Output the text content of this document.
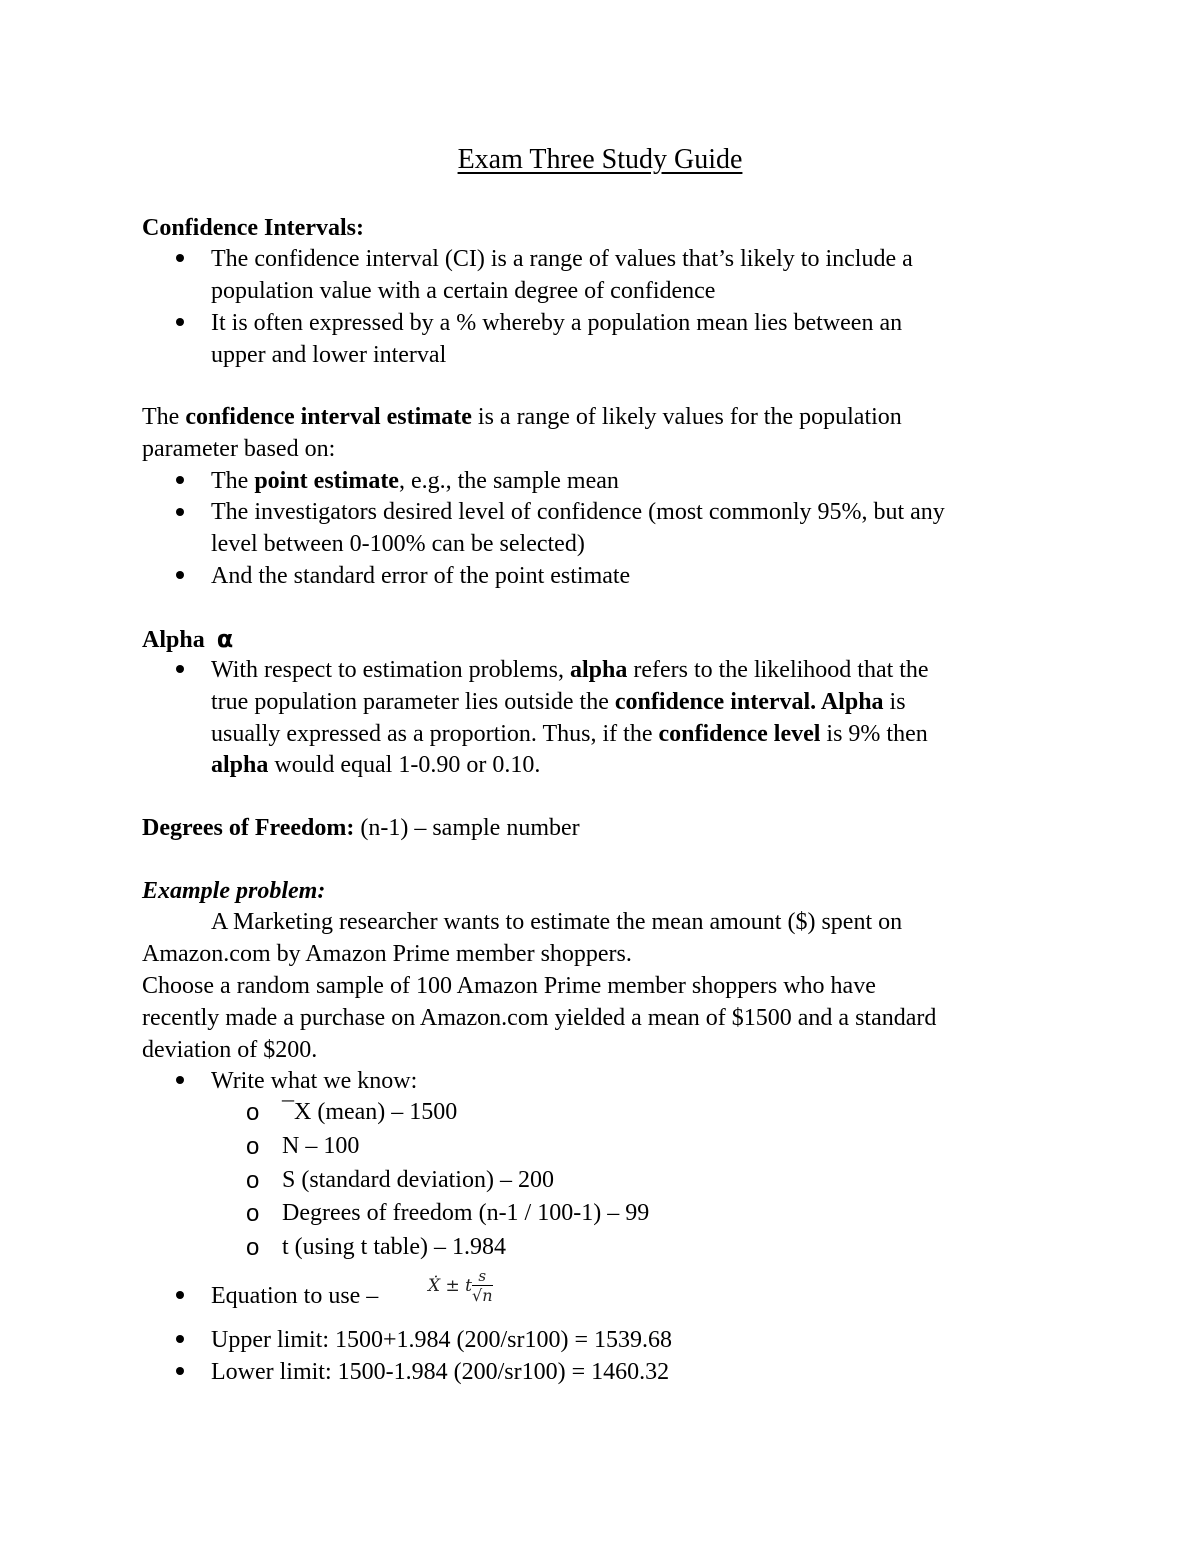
Exam Three Study Guide
Confidence Intervals:
The confidence interval (CI) is a range of values that’s likely to include a
population value with a certain degree of confidence
It is often expressed by a % whereby a population mean lies between an
upper and lower interval
The confidence interval estimate is a range of likely values for the population
parameter based on:
The point estimate, e.g., the sample mean
The investigators desired level of confidence (most commonly 95%, but any
level between 0-100% can be selected)
And the standard error of the point estimate
Alpha α
With respect to estimation problems, alpha refers to the likelihood that the
true population parameter lies outside the confidence interval. Alpha is
usually expressed as a proportion. Thus, if the confidence level is 9% then
alpha would equal 1-0.90 or 0.10.
Degrees of Freedom: (n-1) – sample number
Example problem:
A Marketing researcher wants to estimate the mean amount ($) spent on
Amazon.com by Amazon Prime member shoppers.
Choose a random sample of 100 Amazon Prime member shoppers who have
recently made a purchase on Amazon.com yielded a mean of $1500 and a standard
deviation of $200.
Write what we know:
o ¯X (mean) – 1500
o N – 100
o S (standard deviation) – 200
o Degrees of freedom (n-1 / 100-1) – 99
o t (using t table) – 1.984
Equation to use –	Ẋ ± t $\frac{s}{√n}$
Upper limit: 1500+1.984 (200/sr100) = 1539.68
Lower limit: 1500-1.984 (200/sr100) = 1460.32
